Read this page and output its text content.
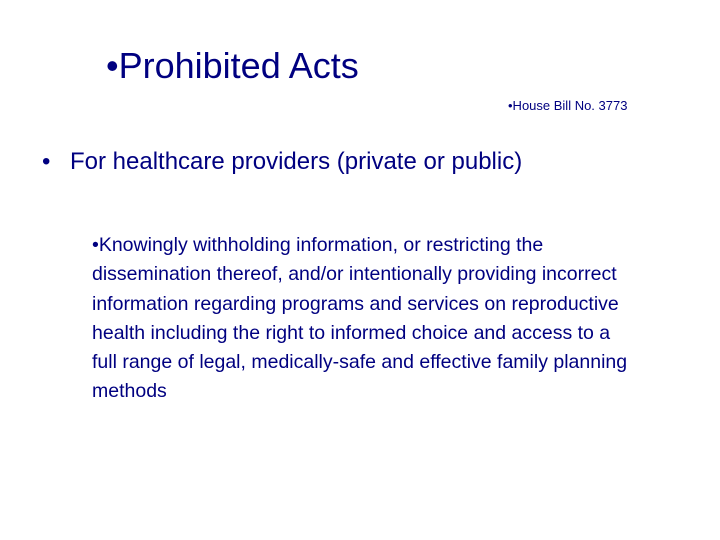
•Prohibited Acts
•House Bill No. 3773
• For healthcare providers (private or public)
•Knowingly withholding information, or restricting the dissemination thereof, and/or intentionally providing incorrect information regarding programs and services on reproductive health including the right to informed choice and access to a full range of legal, medically-safe and effective family planning methods
